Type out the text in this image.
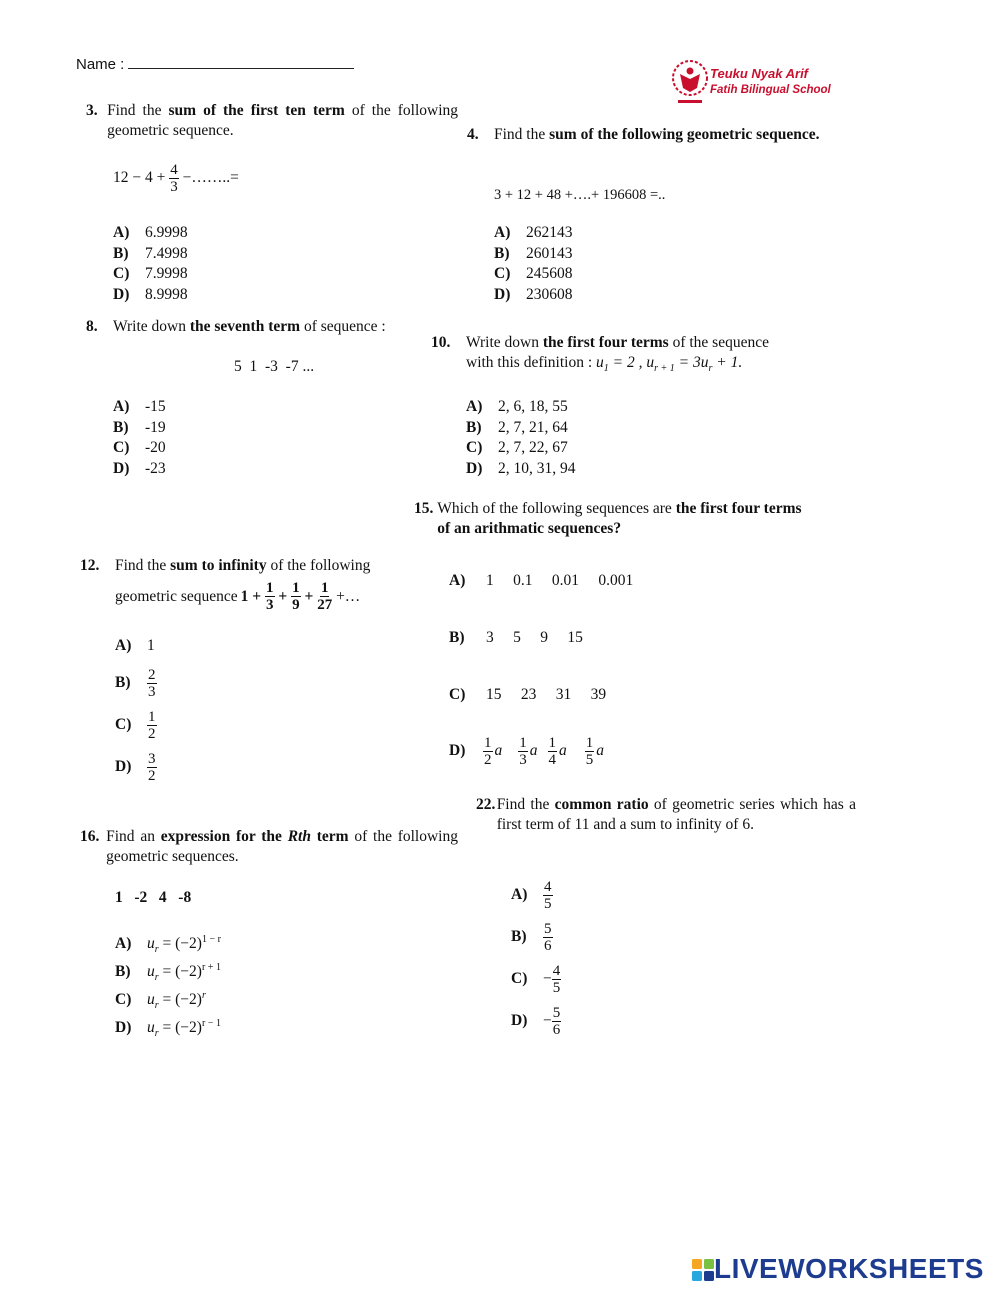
Name :
Teuku Nyak Arif
Fatih Bilingual School
3. Find the sum of the first ten term of the following geometric sequence.
$12 - 4 + \frac{4}{3}$ −……..=
A) 6.9998
B) 7.4998
C) 7.9998
D) 8.9998
4. Find the sum of the following geometric sequence.
3 + 12 + 48 +….+ 196608 =..
A) 262143
B) 260143
C) 245608
D) 230608
8. Write down the seventh term of sequence :
5  1  -3  -7 ...
A) -15
B) -19
C) -20
D) -23
10.	Write down the first four terms of the sequence
with this definition : $u_1 = 2$ , $u_{r + 1} = 3u_r + 1$.
A) 2, 6, 18, 55
B) 2, 7, 21, 64
C) 2, 7, 22, 67
D) 2, 10, 31, 94
15. Which of the following sequences are the first four terms of an arithmatic sequences?
A) 1     0.1     0.01     0.001
B) 3     5     9     15
C) 15     23     31     39
D)	$\frac{1}{2}$ a $\frac{1}{3}$ a $\frac{1}{4}$ a $\frac{1}{5}$ a
12.	Find the sum to infinity of the following

geometric sequence 1 +
$\frac{1}{3}$
+
$\frac{1}{9}$
+
$\frac{1}{27}$ +…
A) 1
B)	$\frac{2}{3}$
C)	$\frac{1}{2}$
D)	$\frac{3}{2}$
22. Find the common ratio of geometric series which has a first term of 11 and a sum to infinity of 6.
A)	$\frac{4}{5}$
B)	$\frac{5}{6}$
C)	− $\frac{4}{5}$
D)	− $\frac{5}{6}$
16. Find an expression for the Rth term of the following geometric sequences.
1   -2   4   -8
A) $u_r = (-2)^{1 - r}$
B) $u_r = (-2)^{r + 1}$
C) $u_r = (-2)^r$
D) $u_r = (-2)^{r - 1}$
LIVEWORKSHEETS
